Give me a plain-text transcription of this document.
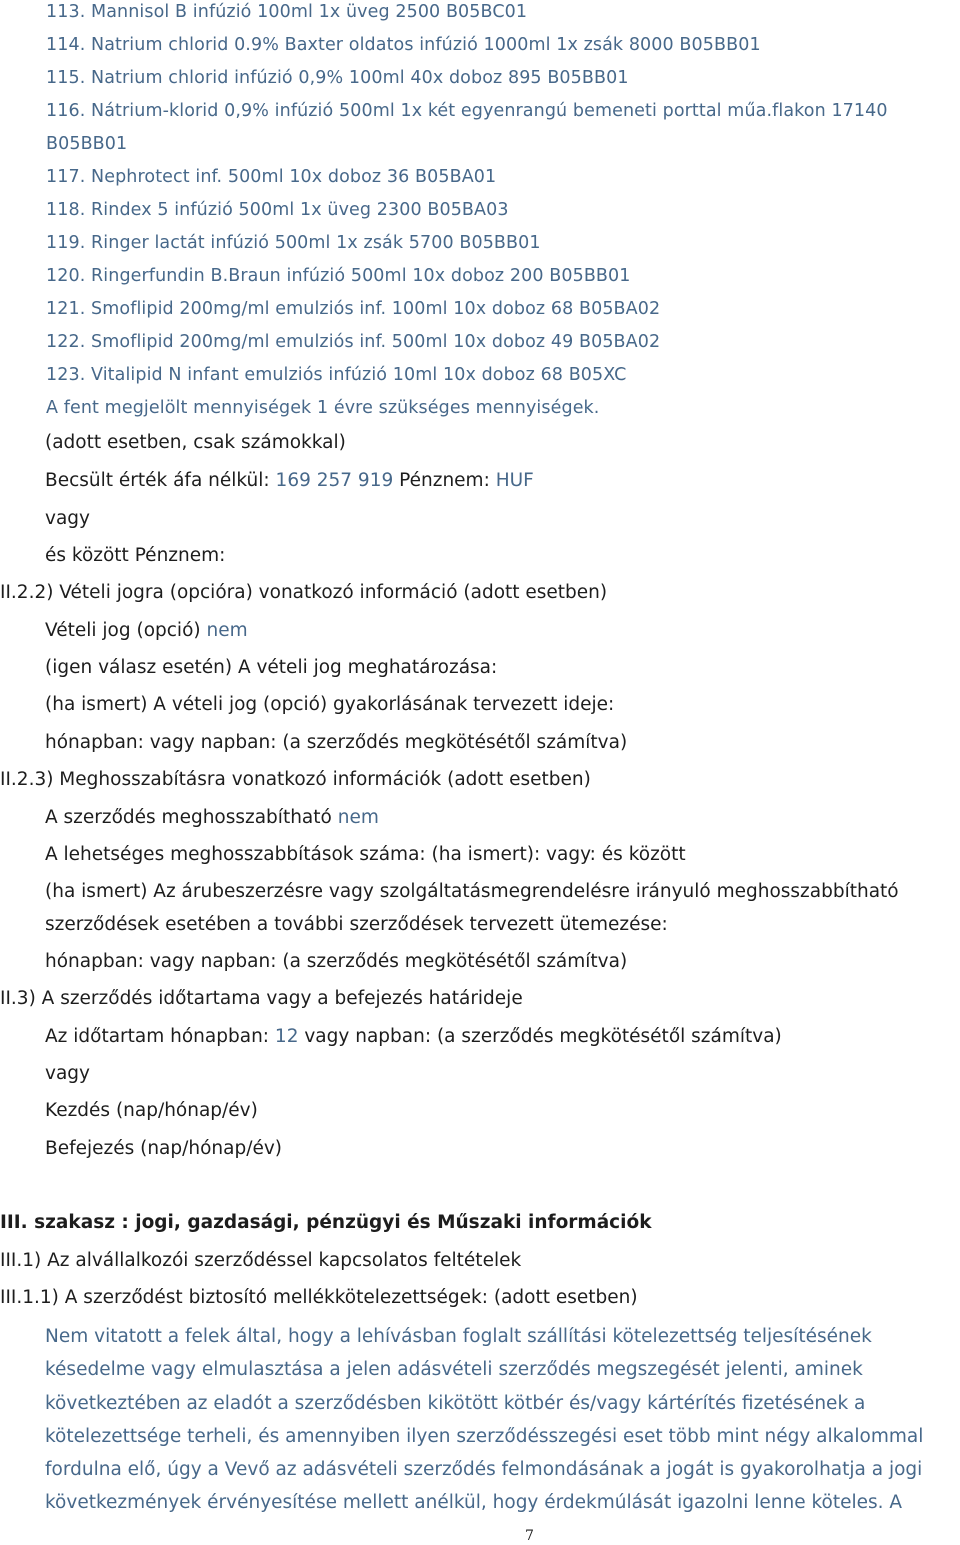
113. Mannisol B infúzió 100ml 1x üveg 2500 B05BC01
114. Natrium chlorid 0.9% Baxter oldatos infúzió 1000ml 1x zsák 8000 B05BB01
115. Natrium chlorid infúzió 0,9% 100ml 40x doboz 895 B05BB01
116. Nátrium-klorid 0,9% infúzió 500ml 1x két egyenrangú bemeneti porttal műa.flakon 17140
B05BB01
117. Nephrotect inf. 500ml 10x doboz 36 B05BA01
118. Rindex 5 infúzió 500ml 1x üveg 2300 B05BA03
119. Ringer lactát infúzió 500ml 1x zsák 5700 B05BB01
120. Ringerfundin B.Braun infúzió 500ml 10x doboz 200 B05BB01
121. Smoflipid 200mg/ml emulziós inf. 100ml 10x doboz 68 B05BA02
122. Smoflipid 200mg/ml emulziós inf. 500ml 10x doboz 49 B05BA02
123. Vitalipid N infant emulziós infúzió 10ml 10x doboz 68 B05XC
A fent megjelölt mennyiségek 1 évre szükséges mennyiségek.
(adott esetben, csak számokkal)
Becsült érték áfa nélkül: 169 257 919 Pénznem: HUF
vagy
és között Pénznem:
II.2.2) Vételi jogra (opcióra) vonatkozó információ (adott esetben)
Vételi jog (opció) nem
(igen válasz esetén) A vételi jog meghatározása:
(ha ismert) A vételi jog (opció) gyakorlásának tervezett ideje:
hónapban: vagy napban: (a szerződés megkötésétől számítva)
II.2.3) Meghosszabításra vonatkozó információk (adott esetben)
A szerződés meghosszabítható nem
A lehetséges meghosszabbítások száma: (ha ismert): vagy: és között
(ha ismert) Az árubeszerzésre vagy szolgáltatásmegrendelésre irányuló meghosszabbítható
szerződések esetében a további szerződések tervezett ütemezése:
hónapban: vagy napban: (a szerződés megkötésétől számítva)
II.3) A szerződés időtartama vagy a befejezés határideje
Az időtartam hónapban: 12 vagy napban: (a szerződés megkötésétől számítva)
vagy
Kezdés (nap/hónap/év)
Befejezés (nap/hónap/év)
III. szakasz : jogi, gazdasági, pénzügyi és Műszaki információk
III.1) Az alvállalkozói szerződéssel kapcsolatos feltételek
III.1.1) A szerződést biztosító mellékkötelezettségek: (adott esetben)
Nem vitatott a felek által, hogy a lehívásban foglalt szállítási kötelezettség teljesítésének
késedelme vagy elmulasztása a jelen adásvételi szerződés megszegését jelenti, aminek
következtében az eladót a szerződésben kikötött kötbér és/vagy kártérítés fizetésének a
kötelezettsége terheli, és amennyiben ilyen szerződésszegési eset több mint négy alkalommal
fordulna elő, úgy a Vevő az adásvételi szerződés felmondásának a jogát is gyakorolhatja a jogi
következmények érvényesítése mellett anélkül, hogy érdekmúlását igazolni lenne köteles. A
7
